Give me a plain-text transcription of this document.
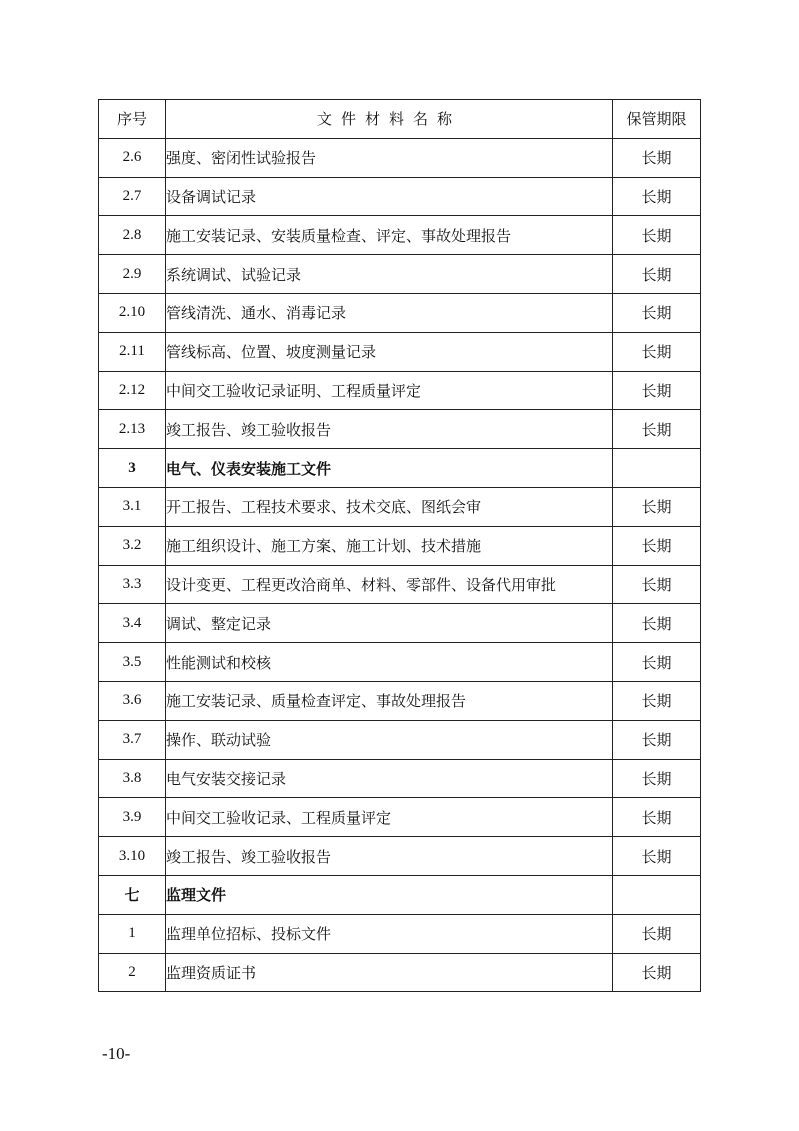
序号	文件材料名称	保管期限
2.6	强度、密闭性试验报告	长期
2.7	设备调试记录	长期
2.8	施工安装记录、安装质量检查、评定、事故处理报告	长期
2.9	系统调试、试验记录	长期
2.10	管线清洗、通水、消毒记录	长期
2.11	管线标高、位置、坡度测量记录	长期
2.12	中间交工验收记录证明、工程质量评定	长期
2.13	竣工报告、竣工验收报告	长期
3	电气、仪表安装施工文件	
3.1	开工报告、工程技术要求、技术交底、图纸会审	长期
3.2	施工组织设计、施工方案、施工计划、技术措施	长期
3.3	设计变更、工程更改洽商单、材料、零部件、设备代用审批	长期
3.4	调试、整定记录	长期
3.5	性能测试和校核	长期
3.6	施工安装记录、质量检查评定、事故处理报告	长期
3.7	操作、联动试验	长期
3.8	电气安装交接记录	长期
3.9	中间交工验收记录、工程质量评定	长期
3.10	竣工报告、竣工验收报告	长期
七	监理文件	
1	监理单位招标、投标文件	长期
2	监理资质证书	长期
-10-
